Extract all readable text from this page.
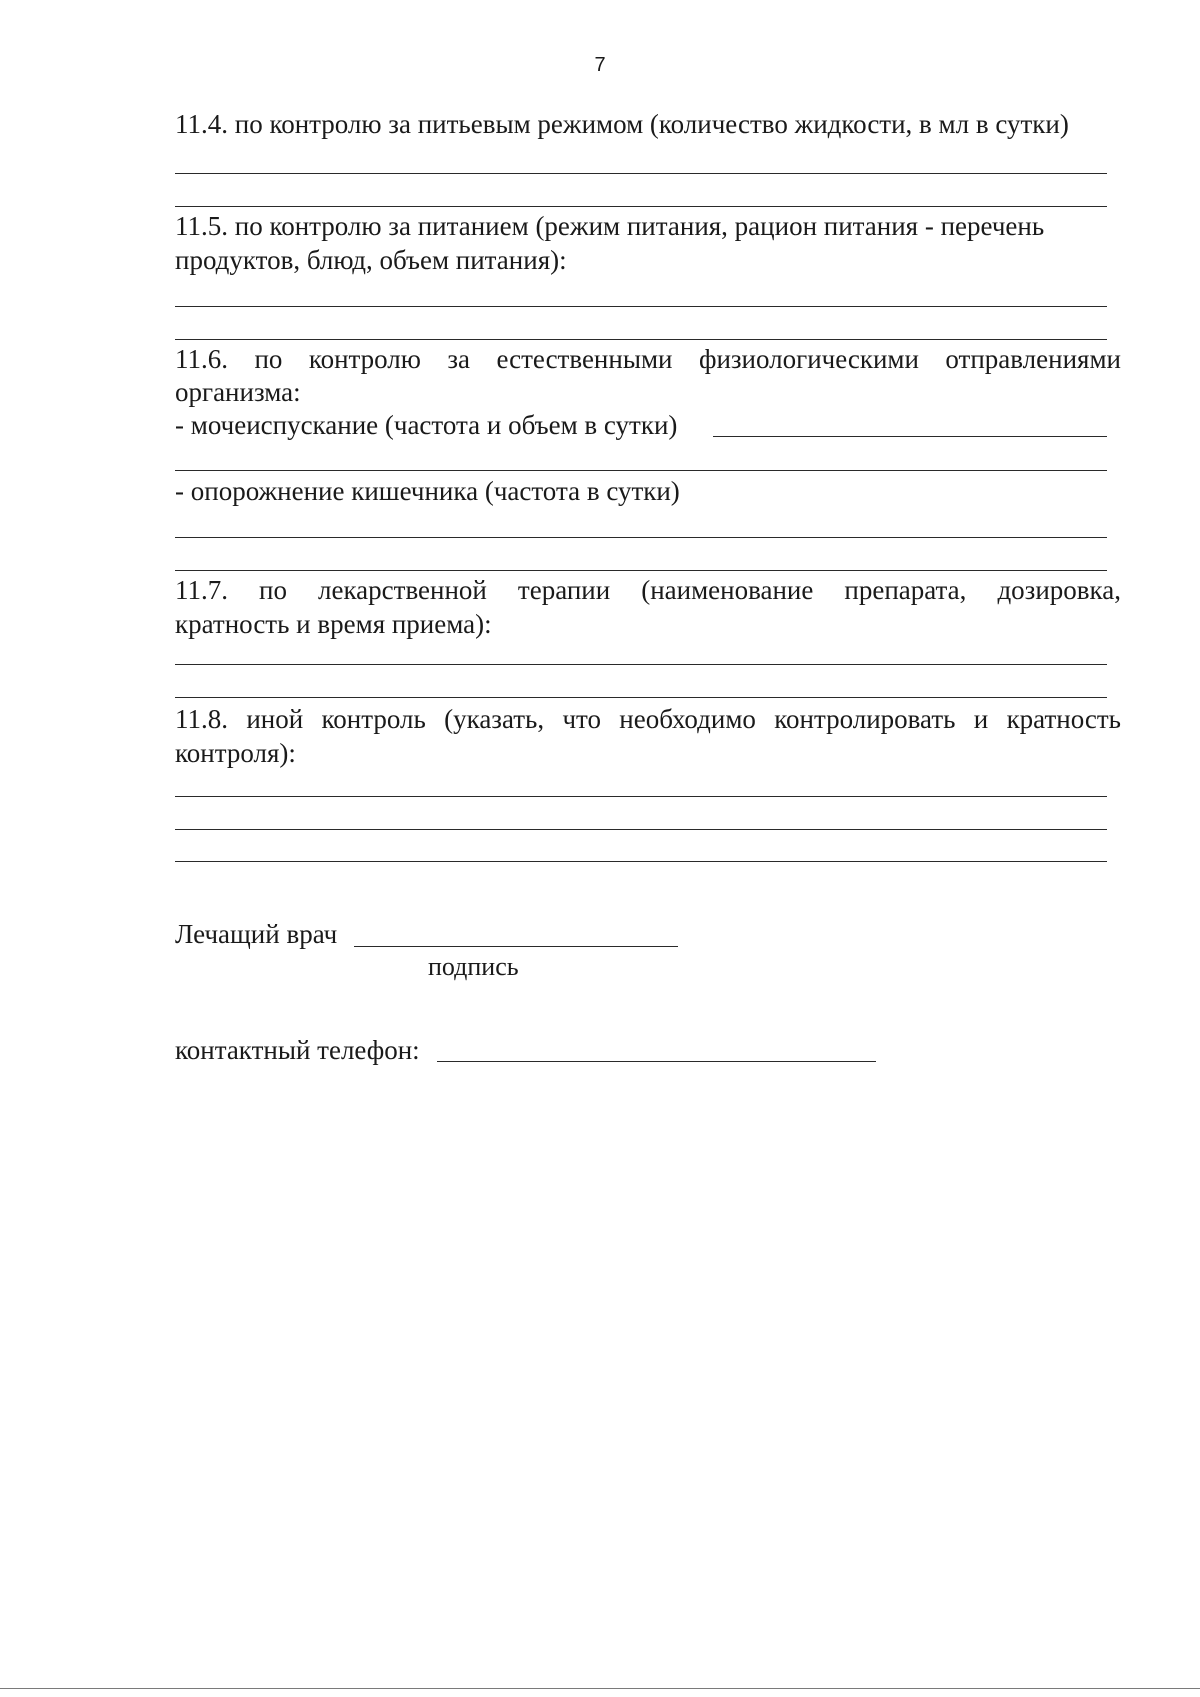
7
11.4. по контролю за питьевым режимом (количество жидкости, в мл в сутки)
11.5. по контролю за питанием (режим питания, рацион питания - перечень
продуктов, блюд, объем питания):
11.6. по контролю за естественными физиологическими отправлениями
организма:
- мочеиспускание (частота и объем в сутки)
- опорожнение кишечника (частота в сутки)
11.7. по лекарственной терапии (наименование препарата, дозировка,
кратность и время приема):
11.8. иной контроль (указать, что необходимо контролировать и кратность
контроля):
Лечащий врач
подпись
контактный телефон:
